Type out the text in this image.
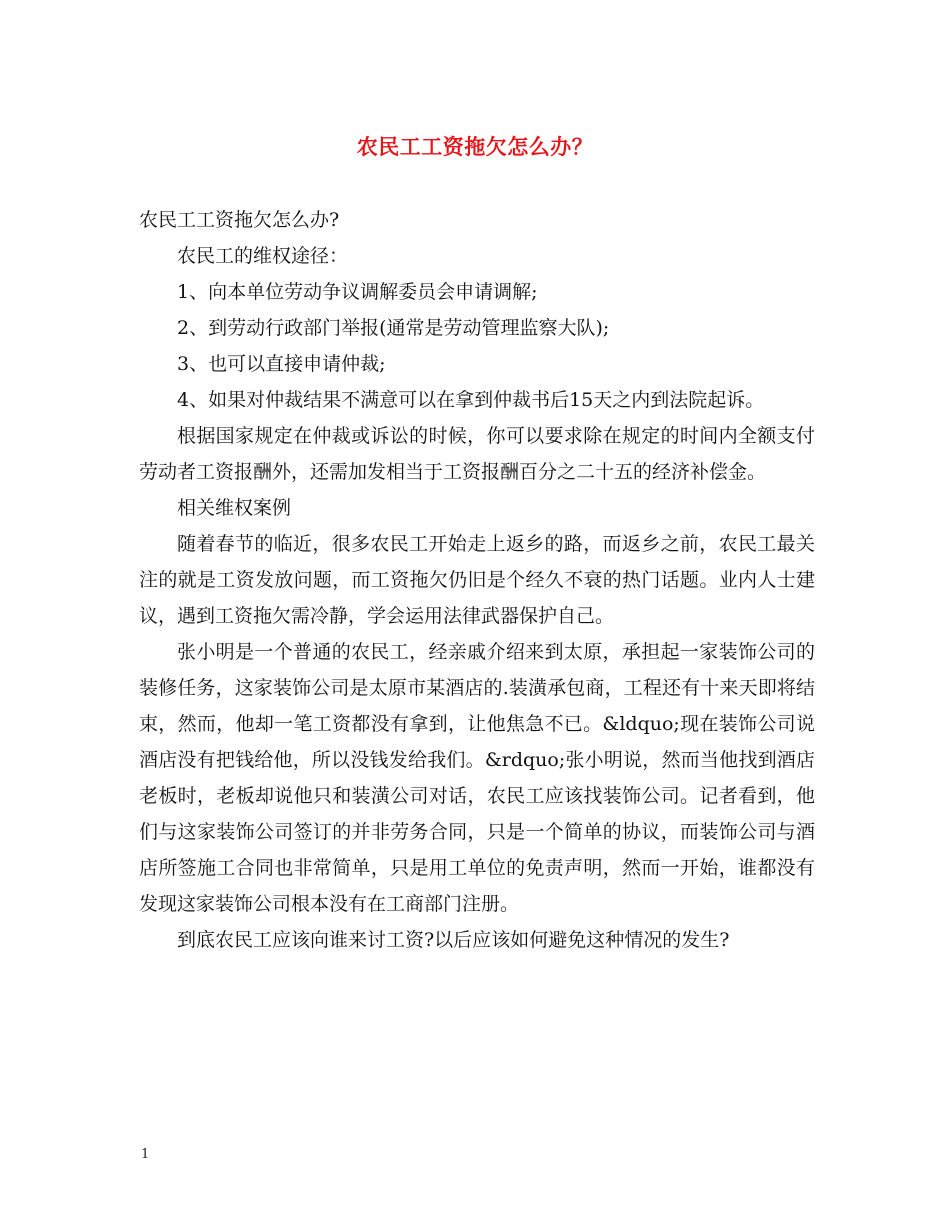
农民工工资拖欠怎么办？

农民工工资拖欠怎么办?

农民工的维权途径：

1、向本单位劳动争议调解委员会申请调解;

2、到劳动行政部门举报(通常是劳动管理监察大队);

3、也可以直接申请仲裁;

4、如果对仲裁结果不满意可以在拿到仲裁书后15天之内到法院起诉。

根据国家规定在仲裁或诉讼的时候，你可以要求除在规定的时间内全额支付劳动者工资报酬外，还需加发相当于工资报酬百分之二十五的经济补偿金。

相关维权案例

随着春节的临近，很多农民工开始走上返乡的路，而返乡之前，农民工最关注的就是工资发放问题，而工资拖欠仍旧是个经久不衰的热门话题。业内人士建议，遇到工资拖欠需冷静，学会运用法律武器保护自己。

张小明是一个普通的农民工，经亲戚介绍来到太原，承担起一家装饰公司的装修任务，这家装饰公司是太原市某酒店的.装潢承包商，工程还有十来天即将结束，然而，他却一笔工资都没有拿到，让他焦急不已。&ldquo;现在装饰公司说酒店没有把钱给他，所以没钱发给我们。&rdquo;张小明说，然而当他找到酒店老板时，老板却说他只和装潢公司对话，农民工应该找装饰公司。记者看到，他们与这家装饰公司签订的并非劳务合同，只是一个简单的协议，而装饰公司与酒店所签施工合同也非常简单，只是用工单位的免责声明，然而一开始，谁都没有发现这家装饰公司根本没有在工商部门注册。

到底农民工应该向谁来讨工资?以后应该如何避免这种情况的发生?

1
